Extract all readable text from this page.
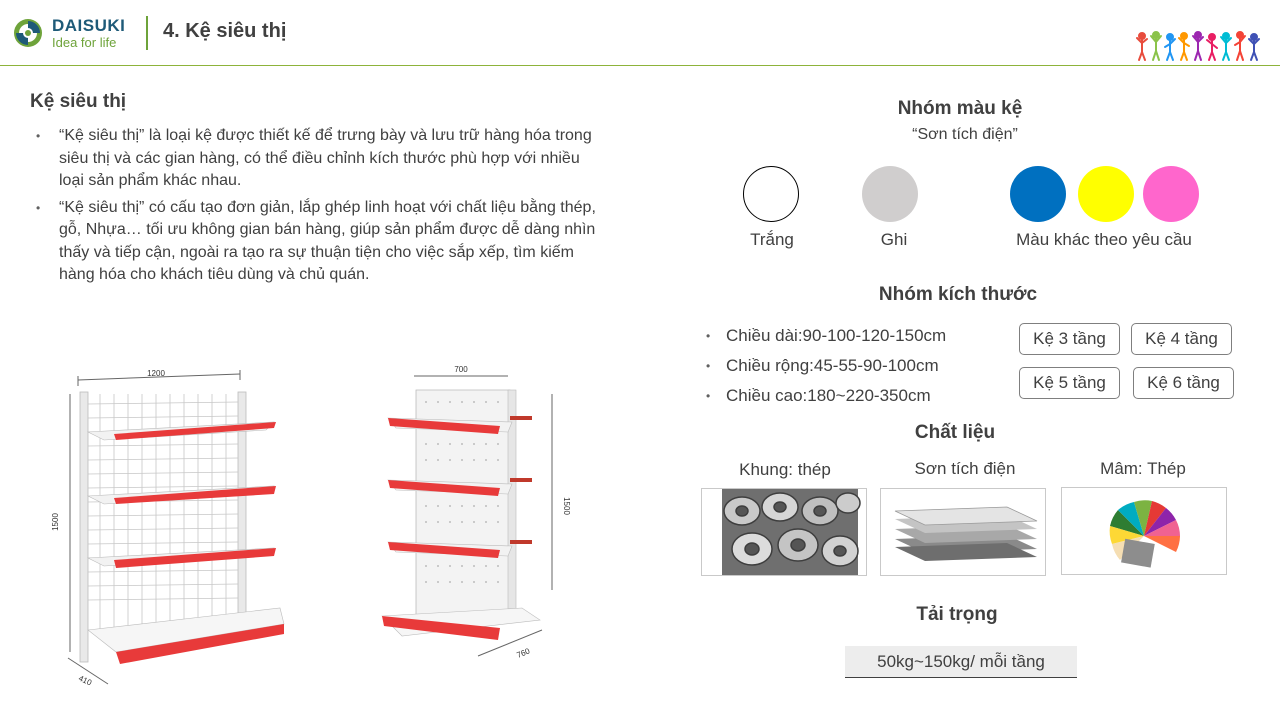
DAISUKI
Idea for life
4. Kệ siêu thị
Kệ siêu thị
• “Kệ siêu thị” là loại kệ được thiết kế để trưng bày và lưu trữ hàng hóa trong siêu thị và các gian hàng, có thể điều chỉnh kích thước phù hợp với nhiều loại sản phẩm khác nhau.
• “Kệ siêu thị” có cấu tạo đơn giản, lắp ghép linh hoạt với chất liệu bằng thép, gỗ, Nhựa… tối ưu không gian bán hàng, giúp sản phẩm được dễ dàng nhìn thấy và tiếp cận, ngoài ra tạo ra sự thuận tiện cho việc sắp xếp, tìm kiếm hàng hóa cho khách tiêu dùng và chủ quán.
1200
1500
410
700
1500
760
Nhóm màu kệ
“Sơn tích điện”
Trắng	Ghi	Màu khác theo yêu cầu
Nhóm kích thước
• Chiều dài:90-100-120-150cm
• Chiều rộng:45-55-90-100cm
• Chiều cao:180~220-350cm
Kệ 3 tầng	Kệ 4 tầng
Kệ 5 tầng	Kệ 6 tầng
Chất liệu
Khung: thép	Sơn tích điện	Mâm: Thép
Tải trọng
50kg~150kg/ mỗi tầng
